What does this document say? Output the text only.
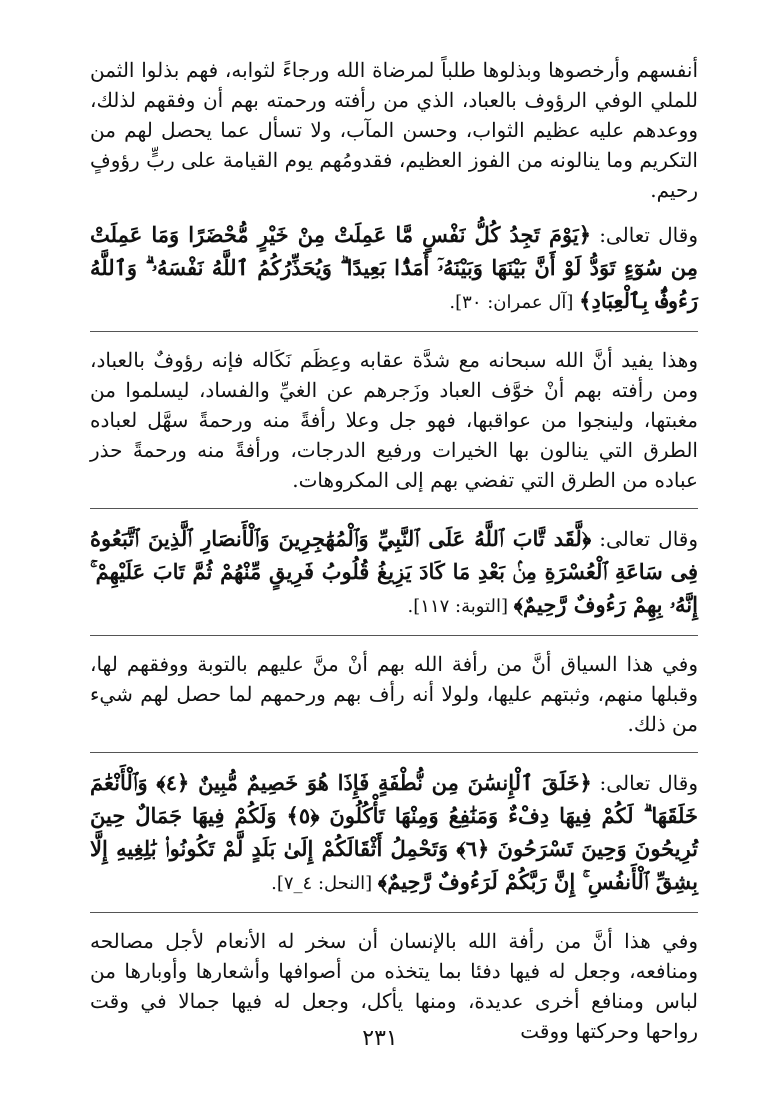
أنفسهم وأرخصوها وبذلوها طلباً لمرضاة الله ورجاءً لثوابه، فهم بذلوا الثمن للملي الوفي الرؤوف بالعباد، الذي من رأفته ورحمته بهم أن وفقهم لذلك، ووعدهم عليه عظيم الثواب، وحسن المآب، ولا تسأل عما يحصل لهم من التكريم وما ينالونه من الفوز العظيم، فقدومُهم يوم القيامة على ربٍّ رؤوفٍ رحيم.

وقال تعالى: ﴿يَوْمَ تَجِدُ كُلُّ نَفْسٍ مَّا عَمِلَتْ مِنْ خَيْرٍ مُّحْضَرًا وَمَا عَمِلَتْ مِن سُوٓءٍ تَوَدُّ لَوْ أَنَّ بَيْنَهَا وَبَيْنَهُۥٓ أَمَدًۢا بَعِيدًا ۗ وَيُحَذِّرُكُمُ ٱللَّهُ نَفْسَهُۥ ۗ وَٱللَّهُ رَءُوفٌۢ بِٱلْعِبَادِ﴾ [آل عمران: ٣٠].

وهذا يفيد أنَّ الله سبحانه مع شدَّة عقابه وعِظَم نَكَاله فإنه رؤوفٌ بالعباد، ومن رأفته بهم أنْ خوَّف العباد وزَجرهم عن الغيِّ والفساد، ليسلموا من مغبتها، ولينجوا من عواقبها، فهو جل وعلا رأفةً منه ورحمةً سهَّل لعباده الطرق التي ينالون بها الخيرات ورفيع الدرجات، ورأفةً منه ورحمةً حذر عباده من الطرق التي تفضي بهم إلى المكروهات.

وقال تعالى: ﴿لَّقَد تَّابَ ٱللَّهُ عَلَى ٱلنَّبِيِّ وَٱلْمُهَٰجِرِينَ وَٱلْأَنصَارِ ٱلَّذِينَ ٱتَّبَعُوهُ فِى سَاعَةِ ٱلْعُسْرَةِ مِنۢ بَعْدِ مَا كَادَ يَزِيغُ قُلُوبُ فَرِيقٍ مِّنْهُمْ ثُمَّ تَابَ عَلَيْهِمْ ۚ إِنَّهُۥ بِهِمْ رَءُوفٌ رَّحِيمٌ﴾ [التوبة: ١١٧].

وفي هذا السياق أنَّ من رأفة الله بهم أنْ منَّ عليهم بالتوبة ووفقهم لها، وقبلها منهم، وثبتهم عليها، ولولا أنه رأف بهم ورحمهم لما حصل لهم شيء من ذلك.

وقال تعالى: ﴿خَلَقَ ٱلْإِنسَٰنَ مِن نُّطْفَةٍ فَإِذَا هُوَ خَصِيمٌ مُّبِينٌ ﴿٤﴾ وَٱلْأَنْعَٰمَ خَلَقَهَا ۗ لَكُمْ فِيهَا دِفْءٌ وَمَنَٰفِعُ وَمِنْهَا تَأْكُلُونَ ﴿٥﴾ وَلَكُمْ فِيهَا جَمَالٌ حِينَ تُرِيحُونَ وَحِينَ تَسْرَحُونَ ﴿٦﴾ وَتَحْمِلُ أَثْقَالَكُمْ إِلَىٰ بَلَدٍ لَّمْ تَكُونُوا۟ بَٰلِغِيهِ إِلَّا بِشِقِّ ٱلْأَنفُسِ ۚ إِنَّ رَبَّكُمْ لَرَءُوفٌ رَّحِيمٌ﴾ [النحل: ٤_٧].

وفي هذا أنَّ من رأفة الله بالإنسان أن سخر له الأنعام لأجل مصالحه ومنافعه، وجعل له فيها دفئا بما يتخذه من أصوافها وأشعارها وأوبارها من لباس ومنافع أخرى عديدة، ومنها يأكل، وجعل له فيها جمالا في وقت رواحها وحركتها ووقت

٢٣١
